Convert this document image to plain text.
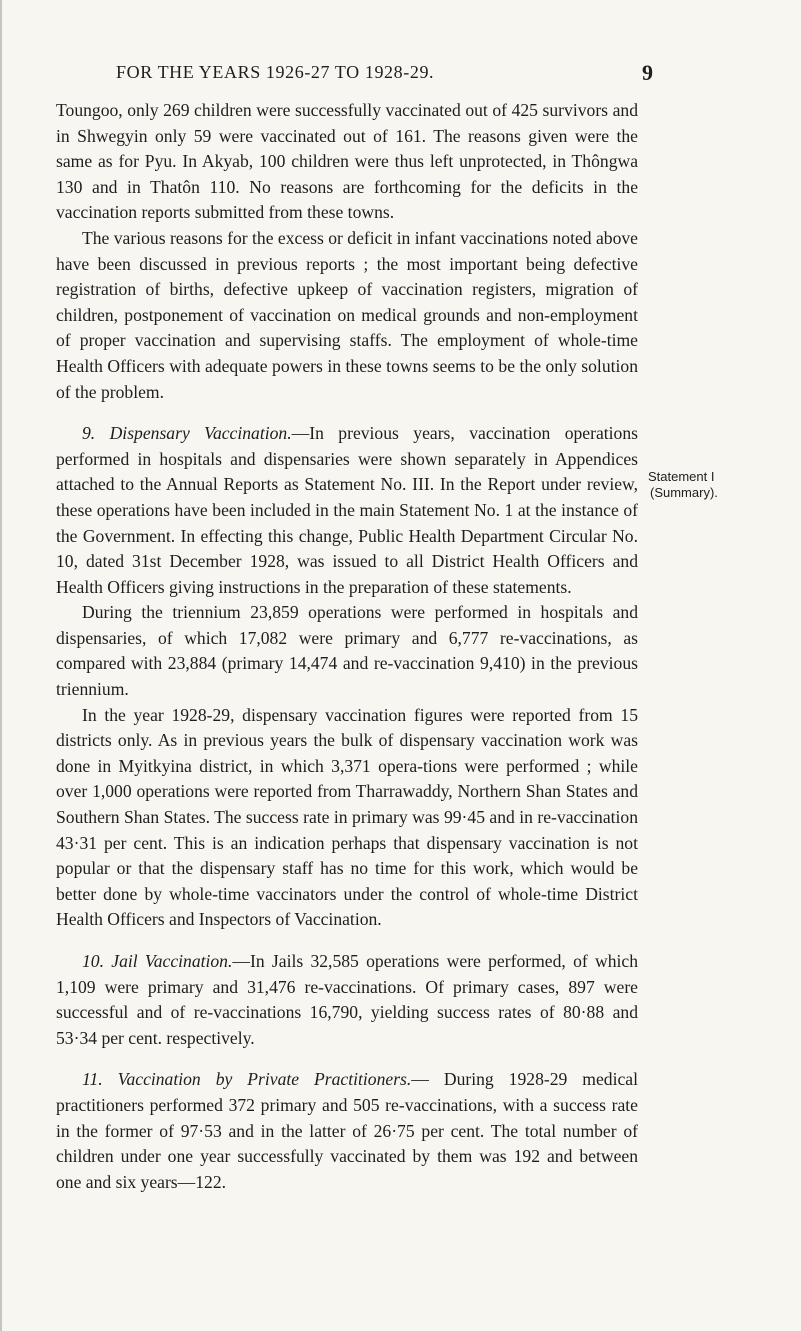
FOR THE YEARS 1926-27 TO 1928-29.	9

Toungoo, only 269 children were successfully vaccinated out of 425 survivors and in Shwegyin only 59 were vaccinated out of 161. The reasons given were the same as for Pyu. In Akyab, 100 children were thus left unprotected, in Thôngwa 130 and in Thatôn 110. No reasons are forthcoming for the deficits in the vaccination reports submitted from these towns.

The various reasons for the excess or deficit in infant vaccinations noted above have been discussed in previous reports ; the most important being defective registration of births, defective upkeep of vaccination registers, migration of children, postponement of vaccination on medical grounds and non-employment of proper vaccination and supervising staffs. The employment of whole-time Health Officers with adequate powers in these towns seems to be the only solution of the problem.

9. Dispensary Vaccination.—In previous years, vaccination operations performed in hospitals and dispensaries were shown separately in Appendices attached to the Annual Reports as Statement No. III. In the Report under review, these operations have been included in the main Statement No. 1 at the instance of the Government. In effecting this change, Public Health Department Circular No. 10, dated 31st December 1928, was issued to all District Health Officers and Health Officers giving instructions in the preparation of these statements.

During the triennium 23,859 operations were performed in hospitals and dispensaries, of which 17,082 were primary and 6,777 re-vaccinations, as compared with 23,884 (primary 14,474 and re-vaccination 9,410) in the previous triennium.

In the year 1928-29, dispensary vaccination figures were reported from 15 districts only. As in previous years the bulk of dispensary vaccination work was done in Myitkyina district, in which 3,371 opera-tions were performed ; while over 1,000 operations were reported from Tharrawaddy, Northern Shan States and Southern Shan States. The success rate in primary was 99·45 and in re-vaccination 43·31 per cent. This is an indication perhaps that dispensary vaccination is not popular or that the dispensary staff has no time for this work, which would be better done by whole-time vaccinators under the control of whole-time District Health Officers and Inspectors of Vaccination.

10. Jail Vaccination.—In Jails 32,585 operations were performed, of which 1,109 were primary and 31,476 re-vaccinations. Of primary cases, 897 were successful and of re-vaccinations 16,790, yielding success rates of 80·88 and 53·34 per cent. respectively.

11. Vaccination by Private Practitioners.— During 1928-29 medical practitioners performed 372 primary and 505 re-vaccinations, with a success rate in the former of 97·53 and in the latter of 26·75 per cent. The total number of children under one year successfully vaccinated by them was 192 and between one and six years—122.

Statement I
(Summary).
